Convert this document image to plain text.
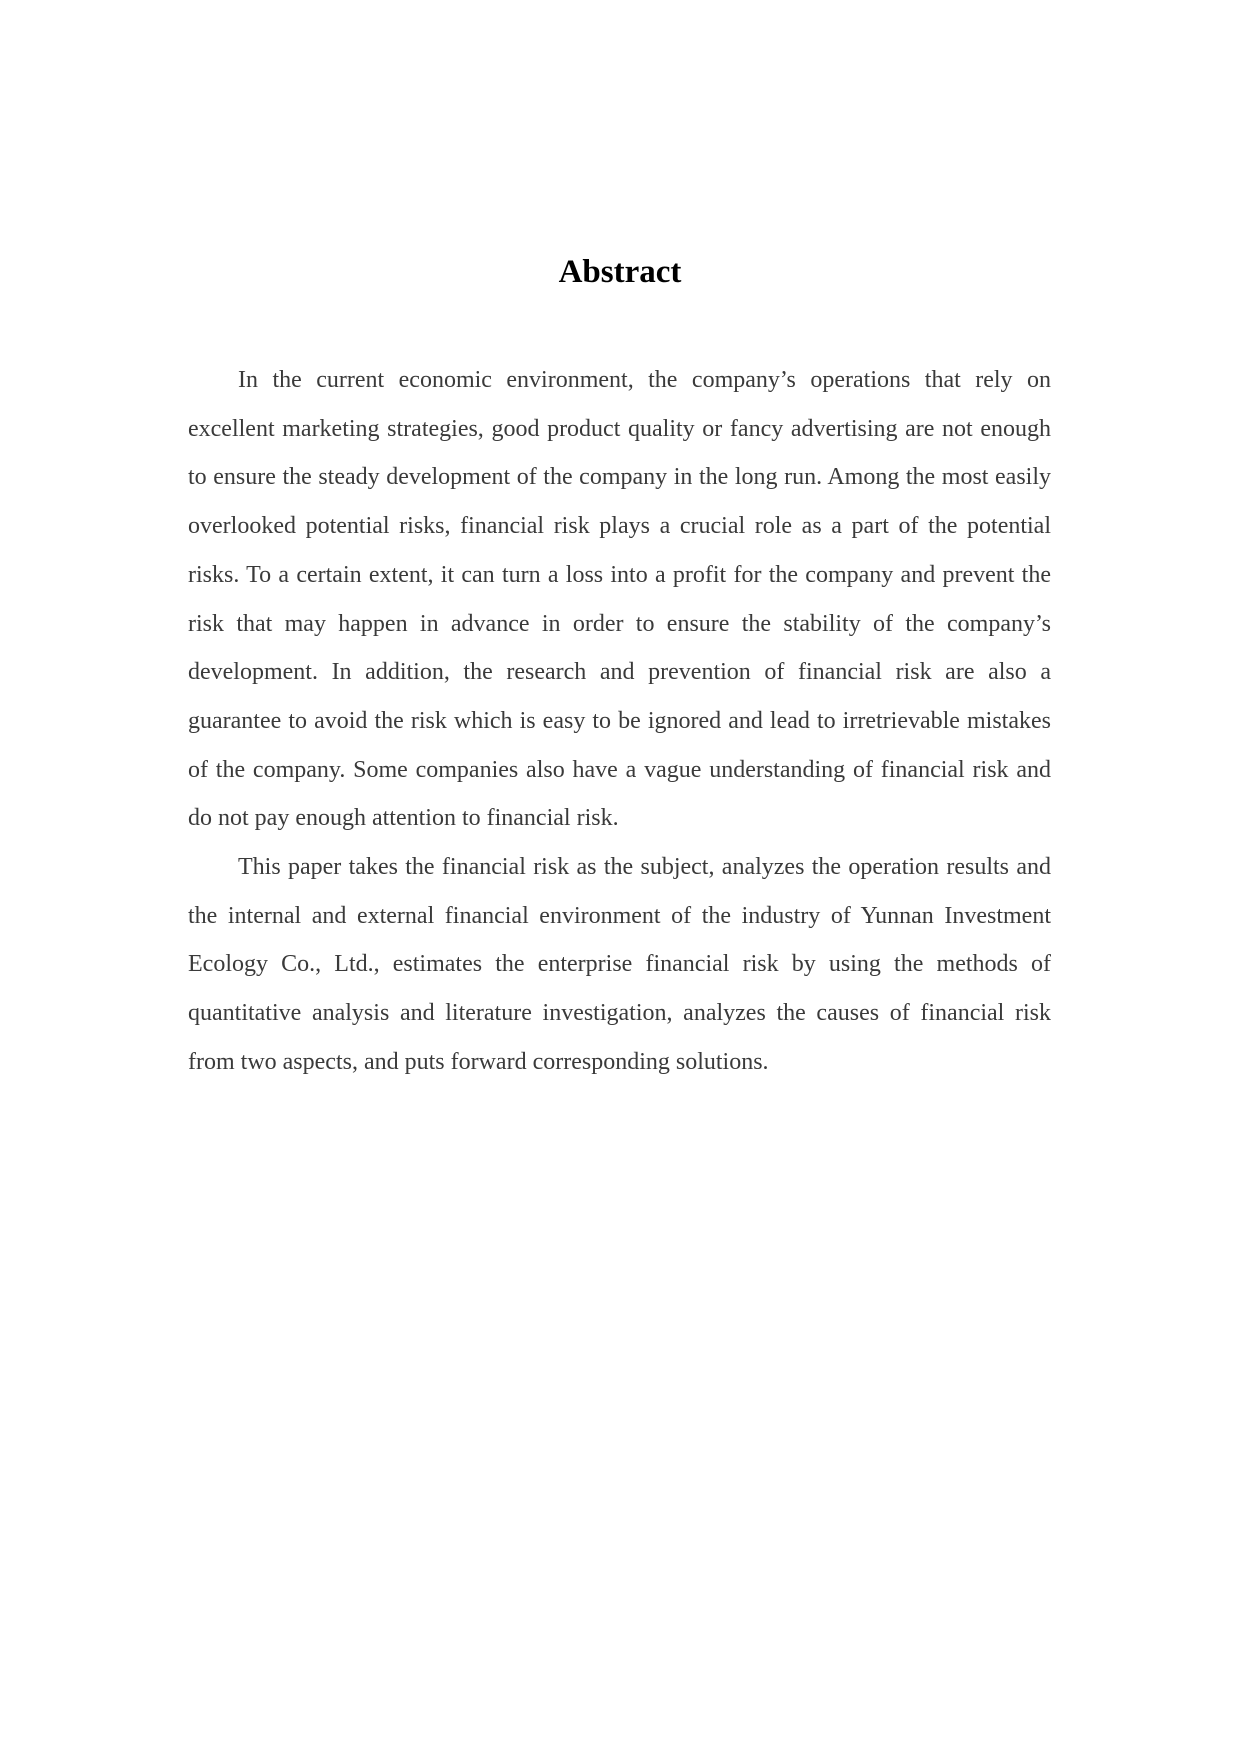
Abstract

In the current economic environment, the company’s operations that rely on excellent marketing strategies, good product quality or fancy advertising are not enough to ensure the steady development of the company in the long run. Among the most easily overlooked potential risks, financial risk plays a crucial role as a part of the potential risks. To a certain extent, it can turn a loss into a profit for the company and prevent the risk that may happen in advance in order to ensure the stability of the company’s development. In addition, the research and prevention of financial risk are also a guarantee to avoid the risk which is easy to be ignored and lead to irretrievable mistakes of the company. Some companies also have a vague understanding of financial risk and do not pay enough attention to financial risk.

This paper takes the financial risk as the subject, analyzes the operation results and the internal and external financial environment of the industry of Yunnan Investment Ecology Co., Ltd., estimates the enterprise financial risk by using the methods of quantitative analysis and literature investigation, analyzes the causes of financial risk from two aspects, and puts forward corresponding solutions.
